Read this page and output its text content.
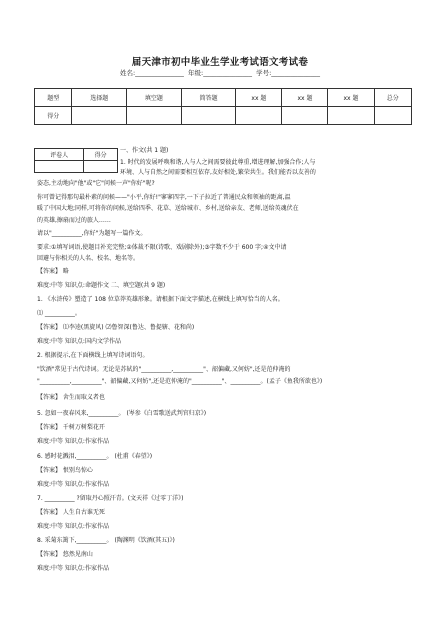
届天津市初中毕业生学业考试语文考试卷
姓名:_______________  年级:_______________  学号:_______________
题型	选择题	填空题	简答题	xx 题	xx 题	xx 题	总分
得分							
评卷人	得分

一、作文(共 1 题)
1. 时代的发展呼唤和谐,人与人之间需要彼此尊重,增进理解,加强合作;人与
环境、人与自然之间需要相互依存,友好相处,繁荣共生。我们能否以友善的
姿态,主动地向"他"或"它"问候一声"你好"呢?
你可曾记得那句最朴素的问候——"小平,你好!"寥寥四字,一下子拉近了普通民众和领袖的距离,温
暖了中国大地;同样,可将你的问候,送给四季、花草、送给城市、乡村,送给亲友、老师,送给英魂伏在
的英雄,擦扇而过的旅人……
请以"__________,你好"为题写一篇作文。
要求:①填写词语,使题目补充完整;②体裁不限(诗歌、戏剧除外);③字数不少于 600 字;④文中请
回避与你相关的人名、校名、地名等。
【答案】 略
难度:中等 知识点:命题作文 二、填空题(共 9 题)
1. 《水浒传》塑造了 108 位草莽英雄形象。请根据下面文字描述,在横线上填写恰当的人名。
⑴ __________。
【答案】 ⑴李逵(黑旋风) ⑵鲁智深(鲁达、鲁提辖、花和尚)
难度:中等 知识点:国内文学作品
2. 根据提示,在下面横线上填写诗词语句。
"饮酒"常见于古代诗词。无论是苏轼的"__________,__________"、韶偏藏,又何妨",还是范仲淹的
"__________,__________"、韶偏藏,又何妨",还是范仲淹的"__________"、__________。(孟子《鱼我所欲也》)
【答案】 舍生而取义者也
5. 忽如一夜春风来,__________。 (岑参《白雪歌送武判官归京》)
【答案】 千树万树梨花开
难度:中等 知识点:作家作品
6. 感时花溅泪,__________。 (杜甫《春望》)
【答案】 恨别鸟惊心
难度:中等 知识点:作家作品
7. __________ ?留取丹心照汗青。(文天祥《过零丁洋》)
【答案】 人生自古谁无死
难度:中等 知识点:作家作品
8. 采菊东篱下,__________。 (陶渊明《饮酒(其五)》)
【答案】 悠然见南山
难度:中等 知识点:作家作品
